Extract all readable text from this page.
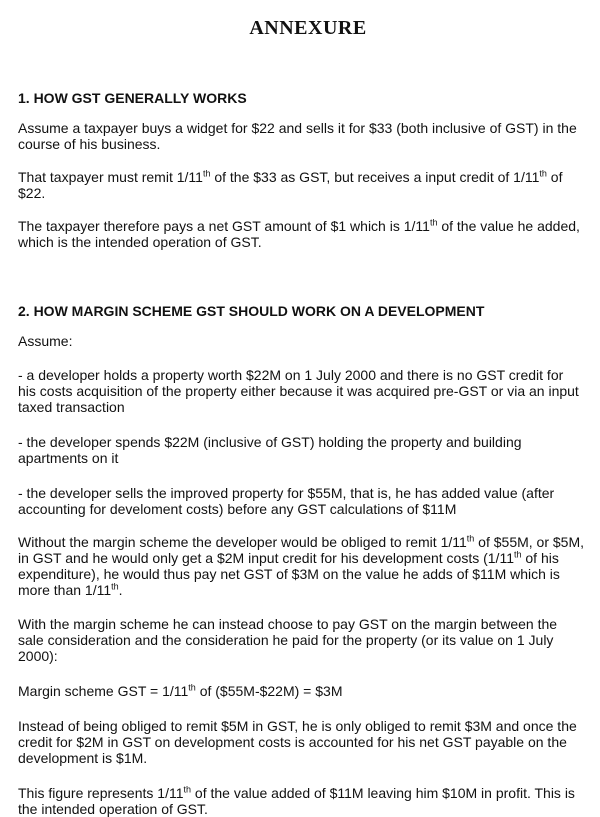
ANNEXURE
1. HOW GST GENERALLY WORKS

Assume a taxpayer buys a widget for $22 and sells it for $33 (both inclusive of GST) in the course of his business.

That taxpayer must remit 1/11th of the $33 as GST, but receives a input credit of 1/11th of $22.

The taxpayer therefore pays a net GST amount of $1 which is 1/11th of the value he added, which is the intended operation of GST.

2. HOW MARGIN SCHEME GST SHOULD WORK ON A DEVELOPMENT

Assume:

- a developer holds a property worth $22M on 1 July 2000 and there is no GST credit for his costs acquisition of the property either because it was acquired pre-GST or via an input taxed transaction

- the developer spends $22M (inclusive of GST) holding the property and building apartments on it

- the developer sells the improved property for $55M, that is, he has added value (after accounting for develoment costs) before any GST calculations of $11M

Without the margin scheme the developer would be obliged to remit 1/11th of $55M, or $5M, in GST and he would only get a $2M input credit for his development costs (1/11th of his expenditure), he would thus pay net GST of $3M on the value he adds of $11M which is more than 1/11th.

With the margin scheme he can instead choose to pay GST on the margin between the sale consideration and the consideration he paid for the property (or its value on 1 July 2000):

Margin scheme GST = 1/11th of ($55M-$22M) = $3M

Instead of being obliged to remit $5M in GST, he is only obliged to remit $3M and once the credit for $2M in GST on development costs is accounted for his net GST payable on the development is $1M.

This figure represents 1/11th of the value added of $11M leaving him $10M in profit. This is the intended operation of GST.
